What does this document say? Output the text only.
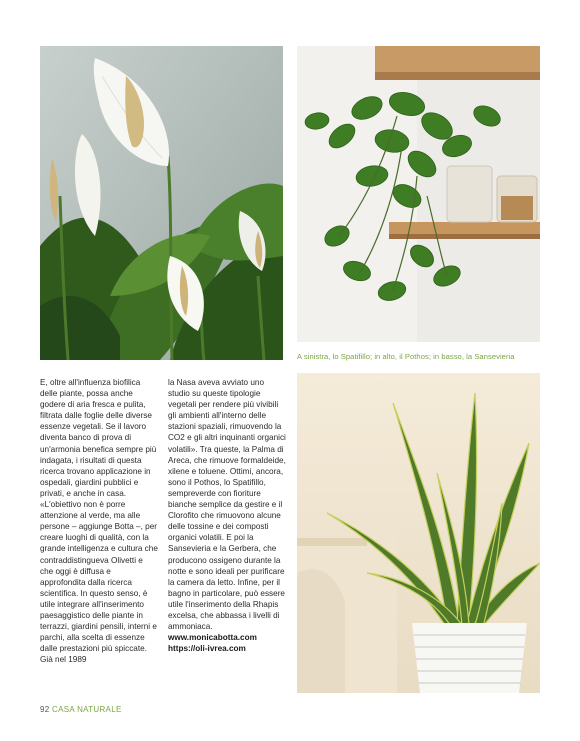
A sinistra, lo Spatifillo; in alto, il Pothos; in basso, la Sansevieria

E, oltre all'influenza biofilica delle piante, possa anche godere di aria fresca e pulita, filtrata dalle foglie delle diverse essenze vegetali. Se il lavoro diventa banco di prova di un'armonia benefica sempre più indagata, i risultati di questa ricerca trovano applicazione in ospedali, giardini pubblici e privati, e anche in casa. «L'obiettivo non è porre attenzione al verde, ma alle persone – aggiunge Botta –, per creare luoghi di qualità, con la grande intelligenza e cultura che contraddistingueva Olivetti e che oggi è diffusa e approfondita dalla ricerca scientifica. In questo senso, è utile integrare all'inserimento paesaggistico delle piante in terrazzi, giardini pensili, interni e parchi, alla scelta di essenze dalle prestazioni più spiccate. Già nel 1989

la Nasa aveva avviato uno studio su queste tipologie vegetali per rendere più vivibili gli ambienti all'interno delle stazioni spaziali, rimuovendo la CO2 e gli altri inquinanti organici volatili». Tra queste, la Palma di Areca, che rimuove formaldeide, xilene e toluene. Ottimi, ancora, sono il Pothos, lo Spatifillo, sempreverde con fioriture bianche semplice da gestire e il Clorofito che rimuovono alcune delle tossine e dei composti organici volatili. E poi la Sansevieria e la Gerbera, che producono ossigeno durante la notte e sono ideali per purificare la camera da letto. Infine, per il bagno in particolare, può essere utile l'inserimento della Rhapis excelsa, che abbassa i livelli di ammoniaca.

www.monicabotta.com
https://oli-ivrea.com
92 CASA NATURALE
